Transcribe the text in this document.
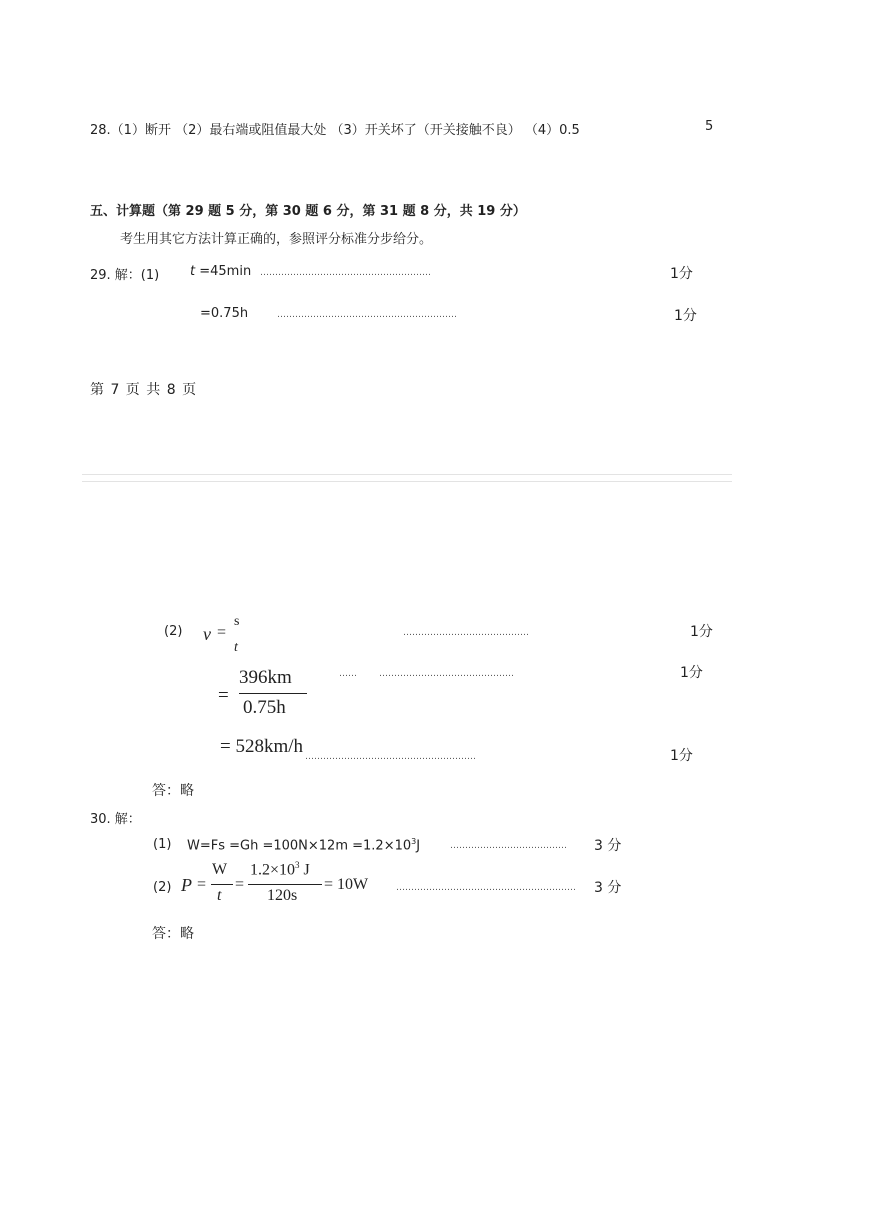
28.（1）断开 （2）最右端或阻值最大处 （3）开关坏了（开关接触不良） （4）0.5	5
五、计算题（第 29 题 5 分，第 30 题 6 分，第 31 题 8 分，共 19 分）
考生用其它方法计算正确的，参照评分标准分步给分。
29. 解：(1) t =45min …………………………………………………	1分
=0.75h	……………………………………………………	1分
第 7 页 共 8 页
(2) v =
s
t
……………………………………	1分
=
396km
0.75h
…… ………………………………………	1分
= 528km/h …………………………………………………	1分
答：略
30. 解：
(1) $W=Fs =Gh =100N\times 12m =1.2\times 10^3J$	…………………………………	3 分
(2) P =
W
t
=
$1.2\times 10^3$ J
120s
= 10W	……………………………………………………	3 分
答：略
